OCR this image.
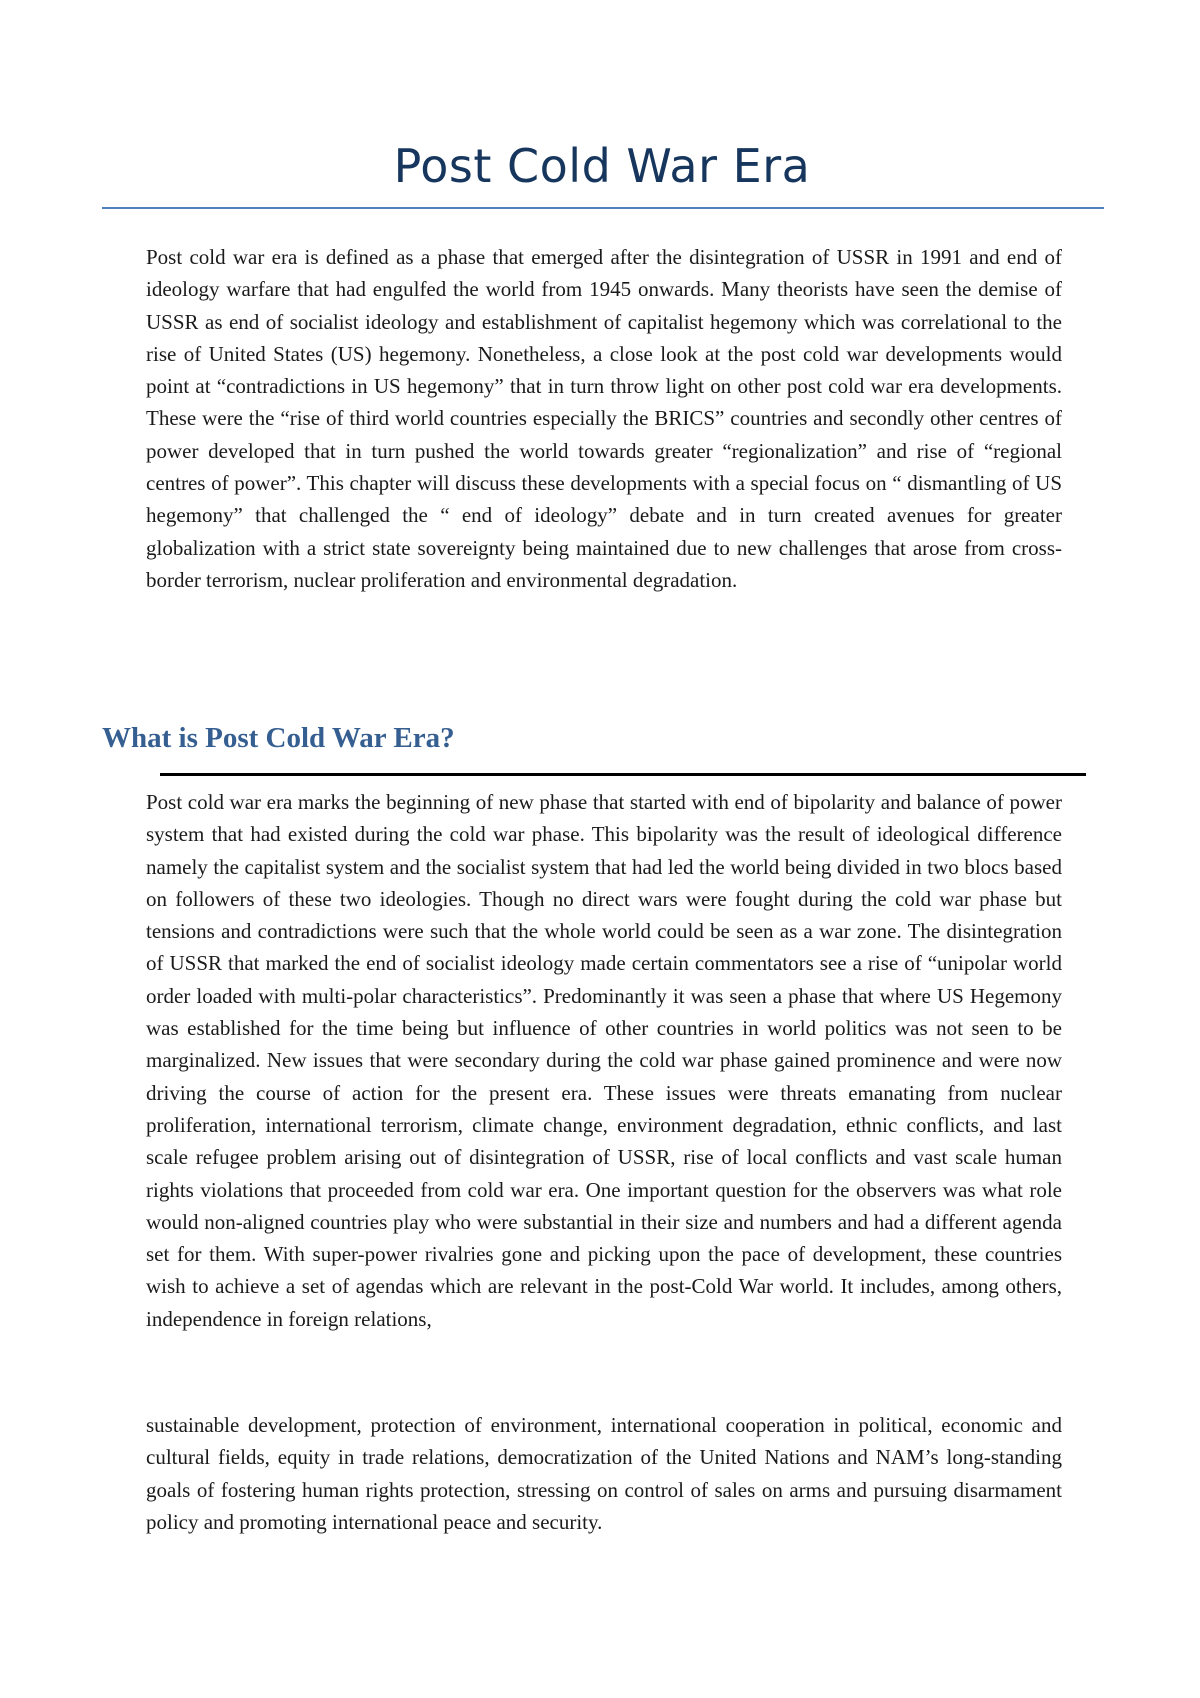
Post Cold War Era

Post cold war era is defined as a phase that emerged after the disintegration of USSR in 1991 and end of ideology warfare that had engulfed the world from 1945 onwards. Many theorists have seen the demise of USSR as end of socialist ideology and establishment of capitalist hegemony which was correlational to the rise of United States (US) hegemony. Nonetheless, a close look at the post cold war developments would point at “contradictions in US hegemony” that in turn throw light on other post cold war era developments. These were the “rise of third world countries especially the BRICS” countries and secondly other centres of power developed that in turn pushed the world towards greater “regionalization” and rise of “regional centres of power”. This chapter will discuss these developments with a special focus on “ dismantling of US hegemony” that challenged the “ end of ideology” debate and in turn created avenues for greater globalization with a strict state sovereignty being maintained due to new challenges that arose from cross-border terrorism, nuclear proliferation and environmental degradation.

What is Post Cold War Era?

Post cold war era marks the beginning of new phase that started with end of bipolarity and balance of power system that had existed during the cold war phase. This bipolarity was the result of ideological difference namely the capitalist system and the socialist system that had led the world being divided in two blocs based on followers of these two ideologies. Though no direct wars were fought during the cold war phase but tensions and contradictions were such that the whole world could be seen as a war zone. The disintegration of USSR that marked the end of socialist ideology made certain commentators see a rise of “unipolar world order loaded with multi-polar characteristics”. Predominantly it was seen a phase that where US Hegemony was established for the time being but influence of other countries in world politics was not seen to be marginalized. New issues that were secondary during the cold war phase gained prominence and were now driving the course of action for the present era. These issues were threats emanating from nuclear proliferation, international terrorism, climate change, environment degradation, ethnic conflicts, and last scale refugee problem arising out of disintegration of USSR, rise of local conflicts and vast scale human rights violations that proceeded from cold war era. One important question for the observers was what role would non-aligned countries play who were substantial in their size and numbers and had a different agenda set for them. With super-power rivalries gone and picking upon the pace of development, these countries wish to achieve a set of agendas which are relevant in the post-Cold War world. It includes, among others, independence in foreign relations,

sustainable development, protection of environment, international cooperation in political, economic and cultural fields, equity in trade relations, democratization of the United Nations and NAM’s long-standing goals of fostering human rights protection, stressing on control of sales on arms and pursuing disarmament policy and promoting international peace and security.
